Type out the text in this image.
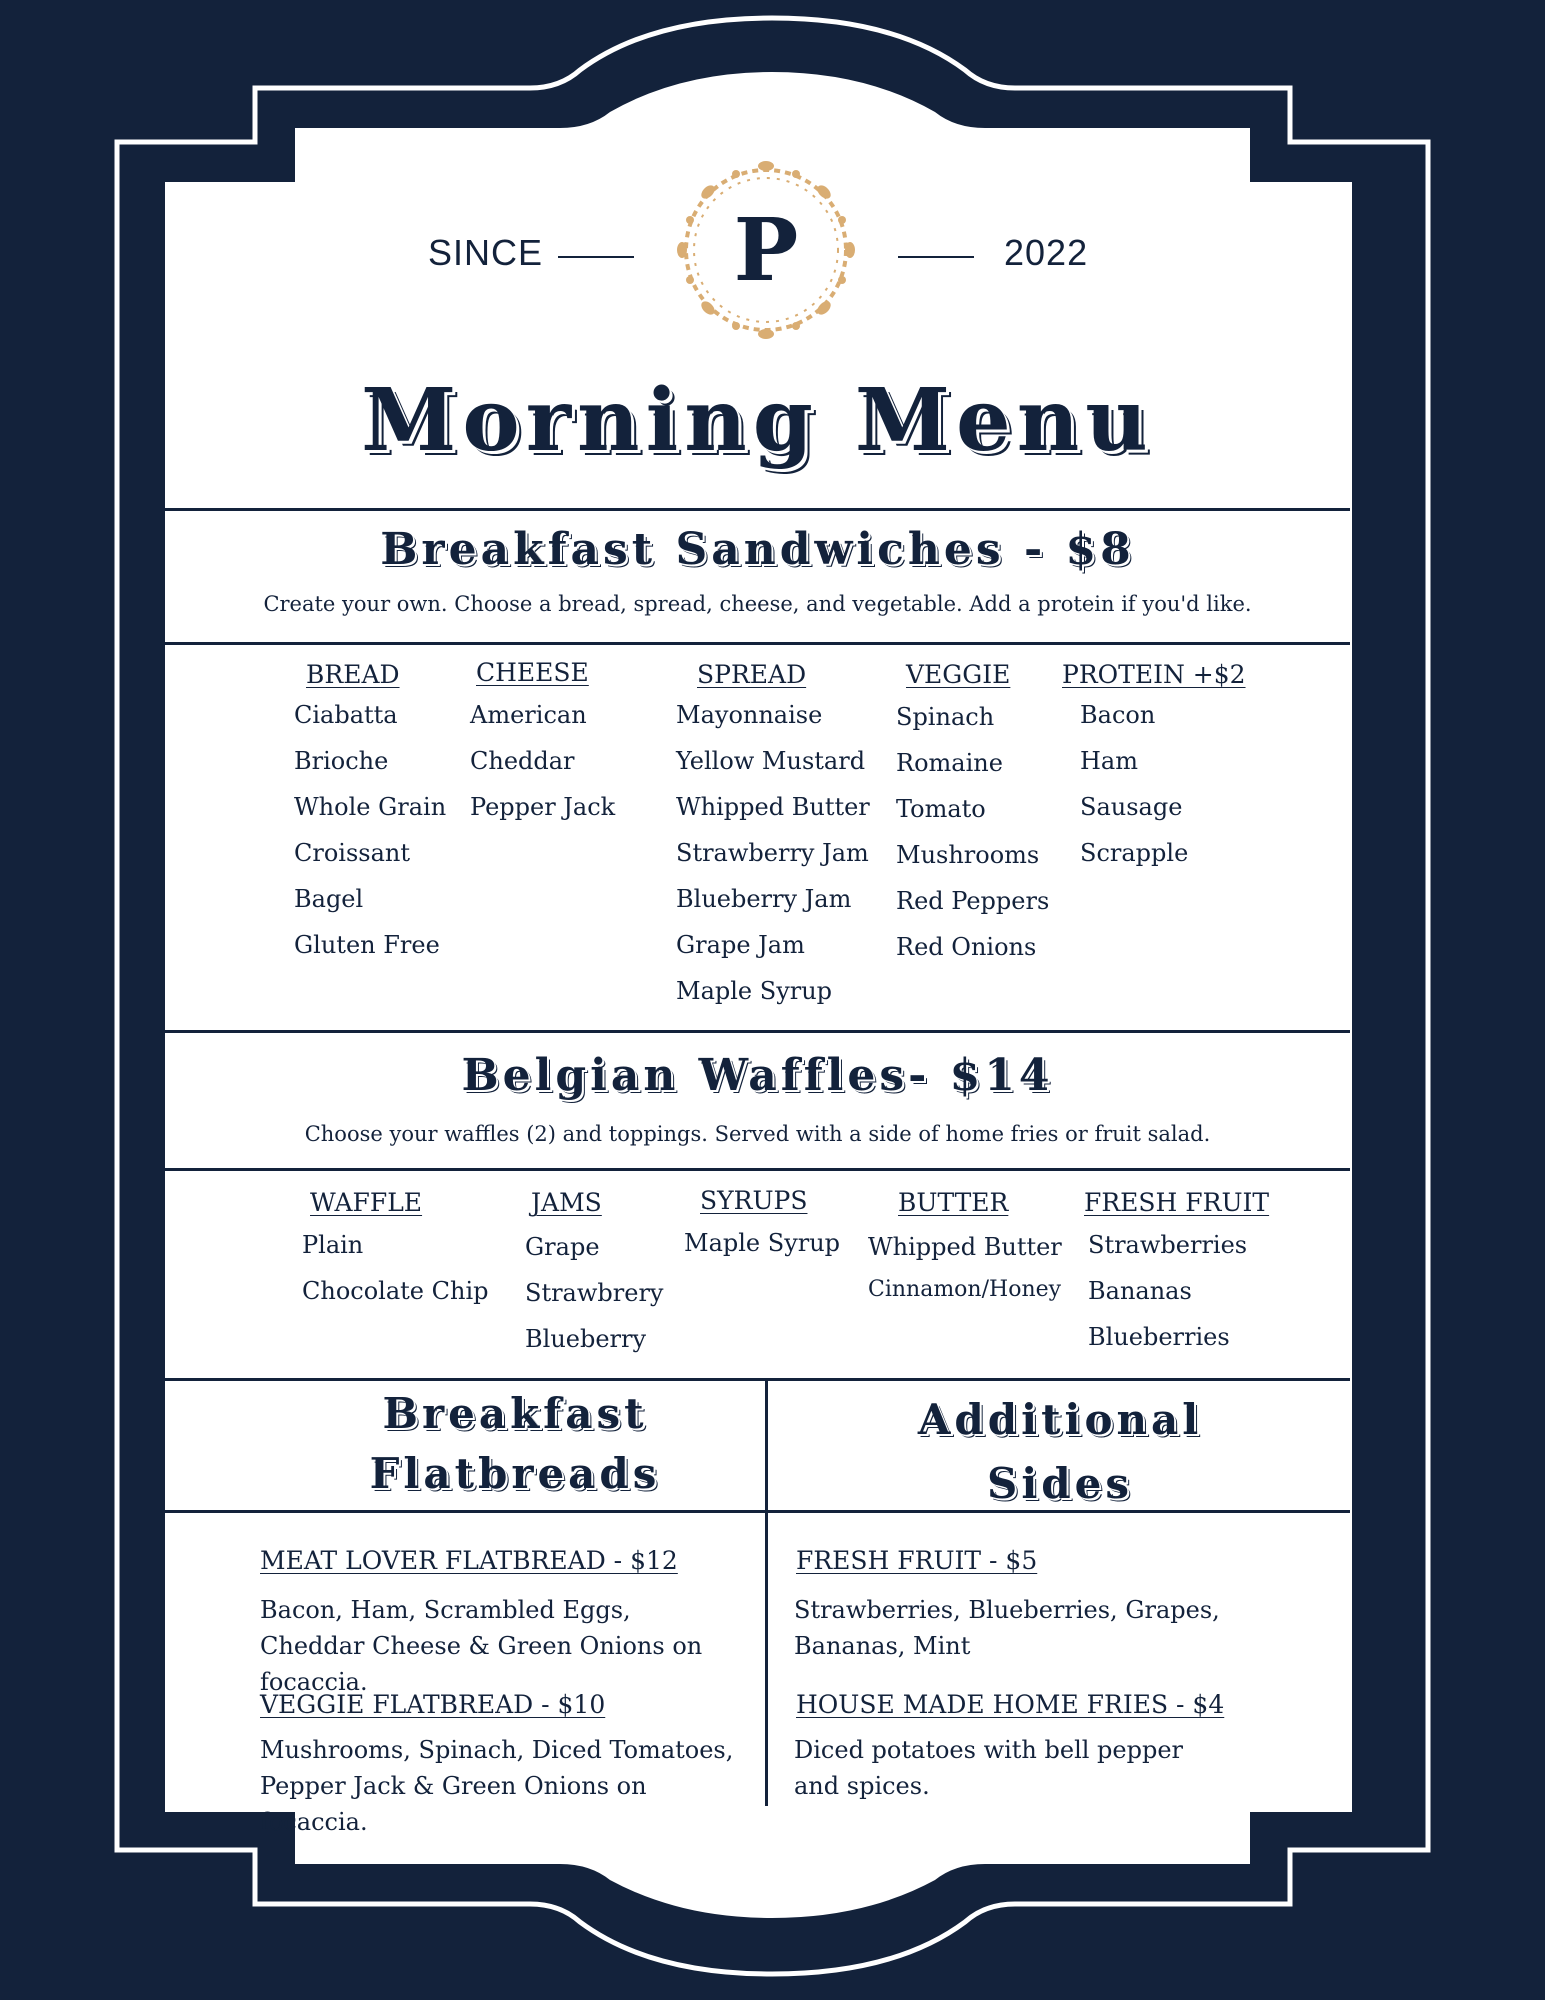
SINCE	2022
P
Morning Menu
Breakfast Sandwiches - $8
Create your own. Choose a bread, spread, cheese, and vegetable. Add a protein if you'd like.
BREAD
Ciabatta
Brioche
Whole Grain
Croissant
Bagel
Gluten Free
CHEESE
American
Cheddar
Pepper Jack
SPREAD
Mayonnaise
Yellow Mustard
Whipped Butter
Strawberry Jam
Blueberry Jam
Grape Jam
Maple Syrup
VEGGIE
Spinach
Romaine
Tomato
Mushrooms
Red Peppers
Red Onions
PROTEIN +$2
Bacon
Ham
Sausage
Scrapple
Belgian Waffles- $14
Choose your waffles (2) and toppings. Served with a side of home fries or fruit salad.
WAFFLE
Plain
Chocolate Chip
JAMS
Grape
Strawbrery
Blueberry
SYRUPS
Maple Syrup
BUTTER
Whipped Butter
Cinnamon/Honey
FRESH FRUIT
Strawberries
Bananas
Blueberries
Breakfast
Flatbreads
Additional
Sides
MEAT LOVER FLATBREAD - $12
Bacon, Ham, Scrambled Eggs, Cheddar Cheese & Green Onions on focaccia.
VEGGIE FLATBREAD - $10
Mushrooms, Spinach, Diced Tomatoes, Pepper Jack & Green Onions on focaccia.
FRESH FRUIT - $5
Strawberries, Blueberries, Grapes, Bananas, Mint
HOUSE MADE HOME FRIES - $4
Diced potatoes with bell pepper and spices.
